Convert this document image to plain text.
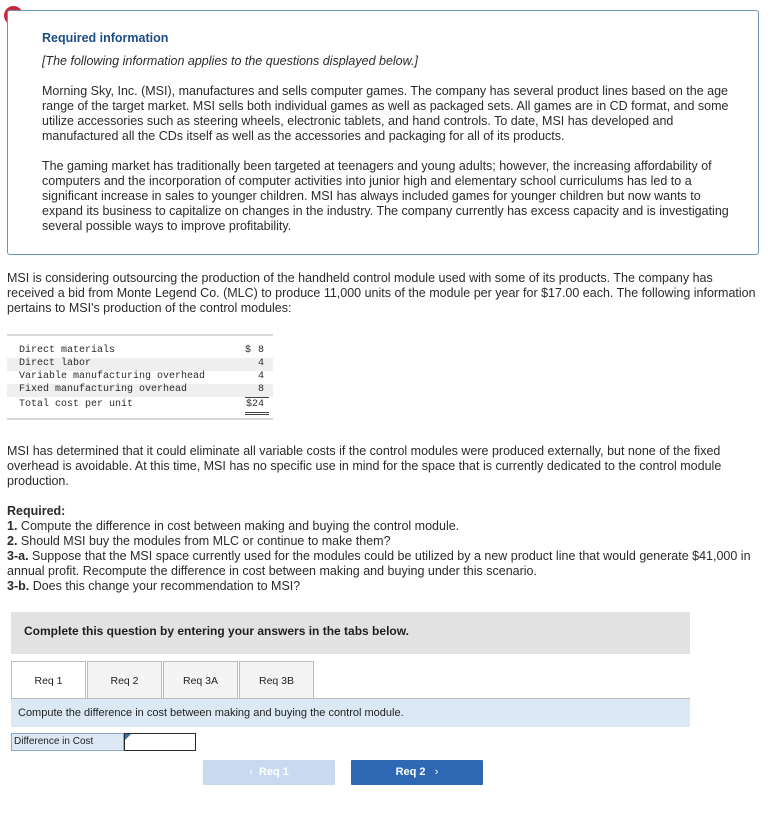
Required information
[The following information applies to the questions displayed below.]
Morning Sky, Inc. (MSI), manufactures and sells computer games. The company has several product lines based on the age range of the target market. MSI sells both individual games as well as packaged sets. All games are in CD format, and some utilize accessories such as steering wheels, electronic tablets, and hand controls. To date, MSI has developed and manufactured all the CDs itself as well as the accessories and packaging for all of its products.
The gaming market has traditionally been targeted at teenagers and young adults; however, the increasing affordability of computers and the incorporation of computer activities into junior high and elementary school curriculums has led to a significant increase in sales to younger children. MSI has always included games for younger children but now wants to expand its business to capitalize on changes in the industry. The company currently has excess capacity and is investigating several possible ways to improve profitability.
MSI is considering outsourcing the production of the handheld control module used with some of its products. The company has received a bid from Monte Legend Co. (MLC) to produce 11,000 units of the module per year for $17.00 each. The following information pertains to MSI's production of the control modules:
Direct materials	$ 8
Direct labor	4
Variable manufacturing overhead	4
Fixed manufacturing overhead	8
Total cost per unit	$24
MSI has determined that it could eliminate all variable costs if the control modules were produced externally, but none of the fixed overhead is avoidable. At this time, MSI has no specific use in mind for the space that is currently dedicated to the control module production.
Required:
1. Compute the difference in cost between making and buying the control module.
2. Should MSI buy the modules from MLC or continue to make them?
3-a. Suppose that the MSI space currently used for the modules could be utilized by a new product line that would generate $41,000 in annual profit. Recompute the difference in cost between making and buying under this scenario.
3-b. Does this change your recommendation to MSI?
Complete this question by entering your answers in the tabs below.
Req 1	Req 2	Req 3A	Req 3B
Compute the difference in cost between making and buying the control module.
Difference in Cost
‹ Req 1	Req 2 ›
